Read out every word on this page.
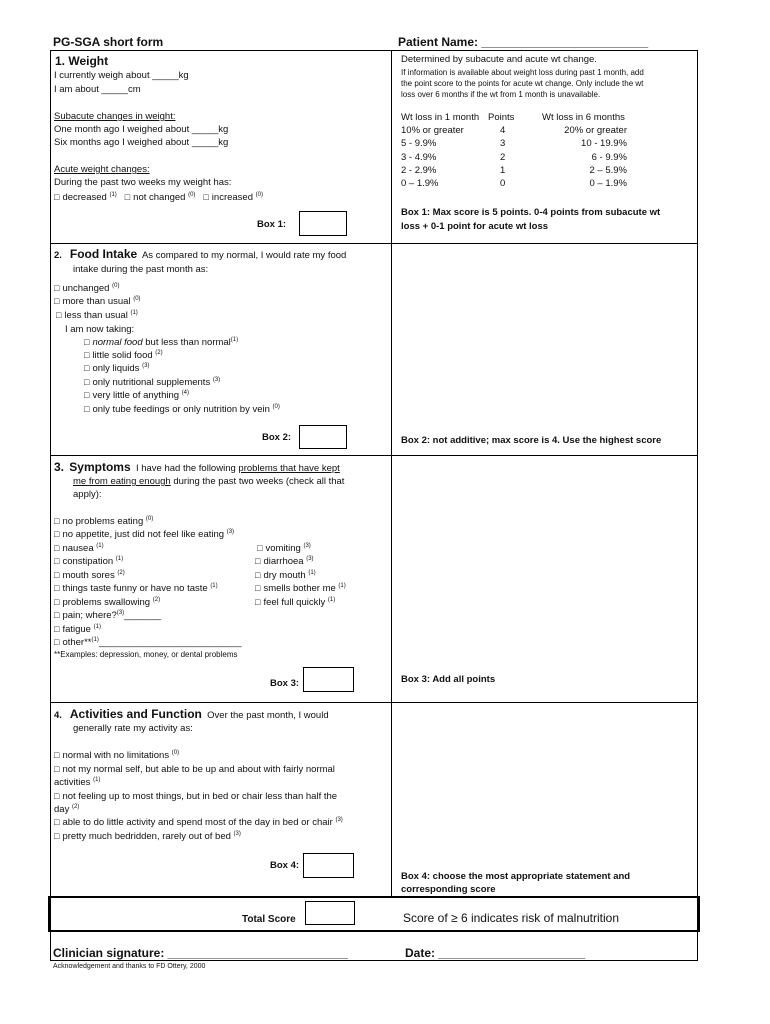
PG-SGA short form	Patient Name: _________________________
1. Weight
I currently weigh about _____kg
I am about _____cm
Subacute changes in weight:
One month ago I weighed about _____kg
Six months ago I weighed about _____kg
Acute weight changes:
During the past two weeks my weight has:
□ decreased $^{(1)}$ □ not changed $^{(0)}$ □ increased $^{(0)}$
Box 1:
Determined by subacute and acute wt change.
If information is available about weight loss during past 1 month, add
the point score to the points for acute wt change. Only include the wt
loss over 6 months if the wt from 1 month is unavailable.
Wt loss in 1 month	Points	Wt loss in 6 months
10% or greater	4	20% or greater
5 - 9.9%	3	10 - 19.9%
3 - 4.9%	2	6 - 9.9%
2 - 2.9%	1	2 – 5.9%
0 – 1.9%	0	0 – 1.9%
Box 1: Max score is 5 points. 0-4 points from subacute wt
loss + 0-1 point for acute wt loss
2. Food Intake As compared to my normal, I would rate my food
intake during the past month as:
□ unchanged $^{(0)}$
□ more than usual $^{(0)}$
□ less than usual $^{(1)}$
I am now taking:
□ normal food but less than normal$^{(1)}$
□ little solid food $^{(2)}$
□ only liquids $^{(3)}$
□ only nutritional supplements $^{(3)}$
□ very little of anything $^{(4)}$
□ only tube feedings or only nutrition by vein $^{(0)}$
Box 2:	Box 2: not additive; max score is 4. Use the highest score
3. Symptoms I have had the following problems that have kept
me from eating enough during the past two weeks (check all that
apply):
□ no problems eating $^{(0)}$
□ no appetite, just did not feel like eating $^{(3)}$
□ nausea $^{(1)}$
□ constipation $^{(1)}$
□ mouth sores $^{(2)}$
□ things taste funny or have no taste $^{(1)}$
□ problems swallowing $^{(2)}$
□ pain; where?$^{(3)}$_______
□ fatigue $^{(1)}$
□ other**$^{(1)}$___________________________
□ vomiting $^{(3)}$
□ diarrhoea $^{(3)}$
□ dry mouth $^{(1)}$
□ smells bother me $^{(1)}$
□ feel full quickly $^{(1)}$
**Examples: depression, money, or dental problems
Box 3:	Box 3: Add all points
4. Activities and Function Over the past month, I would
generally rate my activity as:
□ normal with no limitations $^{(0)}$
□ not my normal self, but able to be up and about with fairly normal
activities $^{(1)}$
□ not feeling up to most things, but in bed or chair less than half the
day $^{(2)}$
□ able to do little activity and spend most of the day in bed or chair $^{(3)}$
□ pretty much bedridden, rarely out of bed $^{(3)}$
Box 4:
Box 4: choose the most appropriate statement and
corresponding score
Total Score	Score of ≥ 6 indicates risk of malnutrition
Clinician signature: ___________________________	Date: ______________________
Acknowledgement and thanks to FD Ottery, 2000
